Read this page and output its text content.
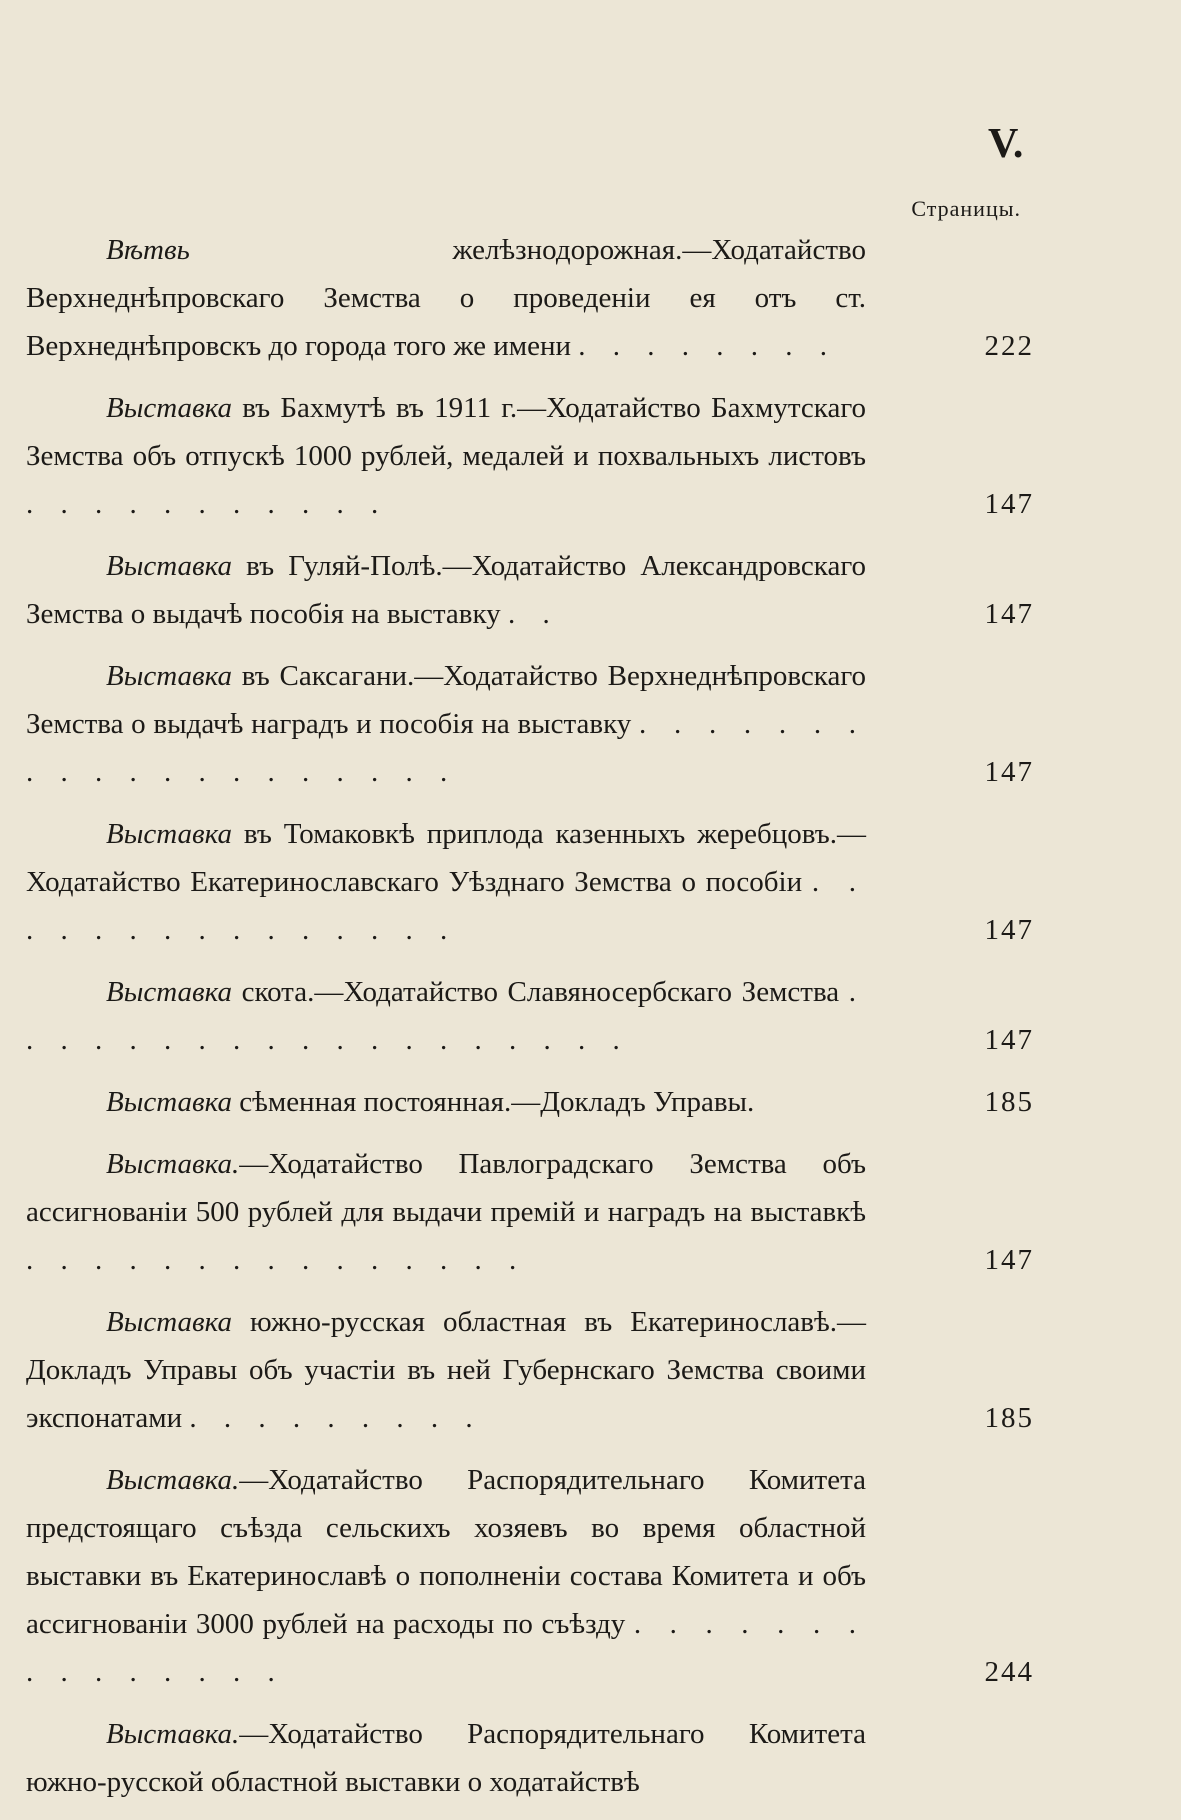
V.
Страницы.
Вѣтвь желѣзнодорожная.—Ходатайство Верхнеднѣпровскаго Земства о проведенiи ея отъ ст. Верхнеднѣпровскъ до города того же имени . . . . . . . .	222
Выставка въ Бахмутѣ въ 1911 г.—Ходатайство Бахмутскаго Земства объ отпускѣ 1000 рублей, медалей и похвальныхъ листовъ . . . . . . . . . . .	147
Выставка въ Гуляй-Полѣ.—Ходатайство Александровскаго Земства о выдачѣ пособiя на выставку . .	147
Выставка въ Саксагани.—Ходатайство Верхнеднѣпровскаго Земства о выдачѣ наградъ и пособiя на выставку . . . . . . . . . . . . . . . . . . . .	147
Выставка въ Томаковкѣ приплода казенныхъ жеребцовъ.—Ходатайство Екатеринославскаго Уѣзднаго Земства о пособiи . . . . . . . . . . . . . . .	147
Выставка скота.—Ходатайство Славяносербскаго Земства . . . . . . . . . . . . . . . . . . .	147
Выставка сѣменная постоянная.—Докладъ Управы.	185
Выставка.—Ходатайство Павлоградскаго Земства объ ассигнованiи 500 рублей для выдачи премiй и наградъ на выставкѣ . . . . . . . . . . . . . . .	147
Выставка южно-русская областная въ Екатеринославѣ.—Докладъ Управы объ участiи въ ней Губернскаго Земства своими экспонатами . . . . . . . . .	185
Выставка.—Ходатайство Распорядительнаго Комитета предстоящаго съѣзда сельскихъ хозяевъ во время областной выставки въ Екатеринославѣ о пополненiи состава Комитета и объ ассигнованiи 3000 рублей на расходы по съѣзду . . . . . . . . . . . . . . .	244
Выставка.—Ходатайство Распорядительнаго Комитета южно-русской областной выставки о ходатайствѣ
